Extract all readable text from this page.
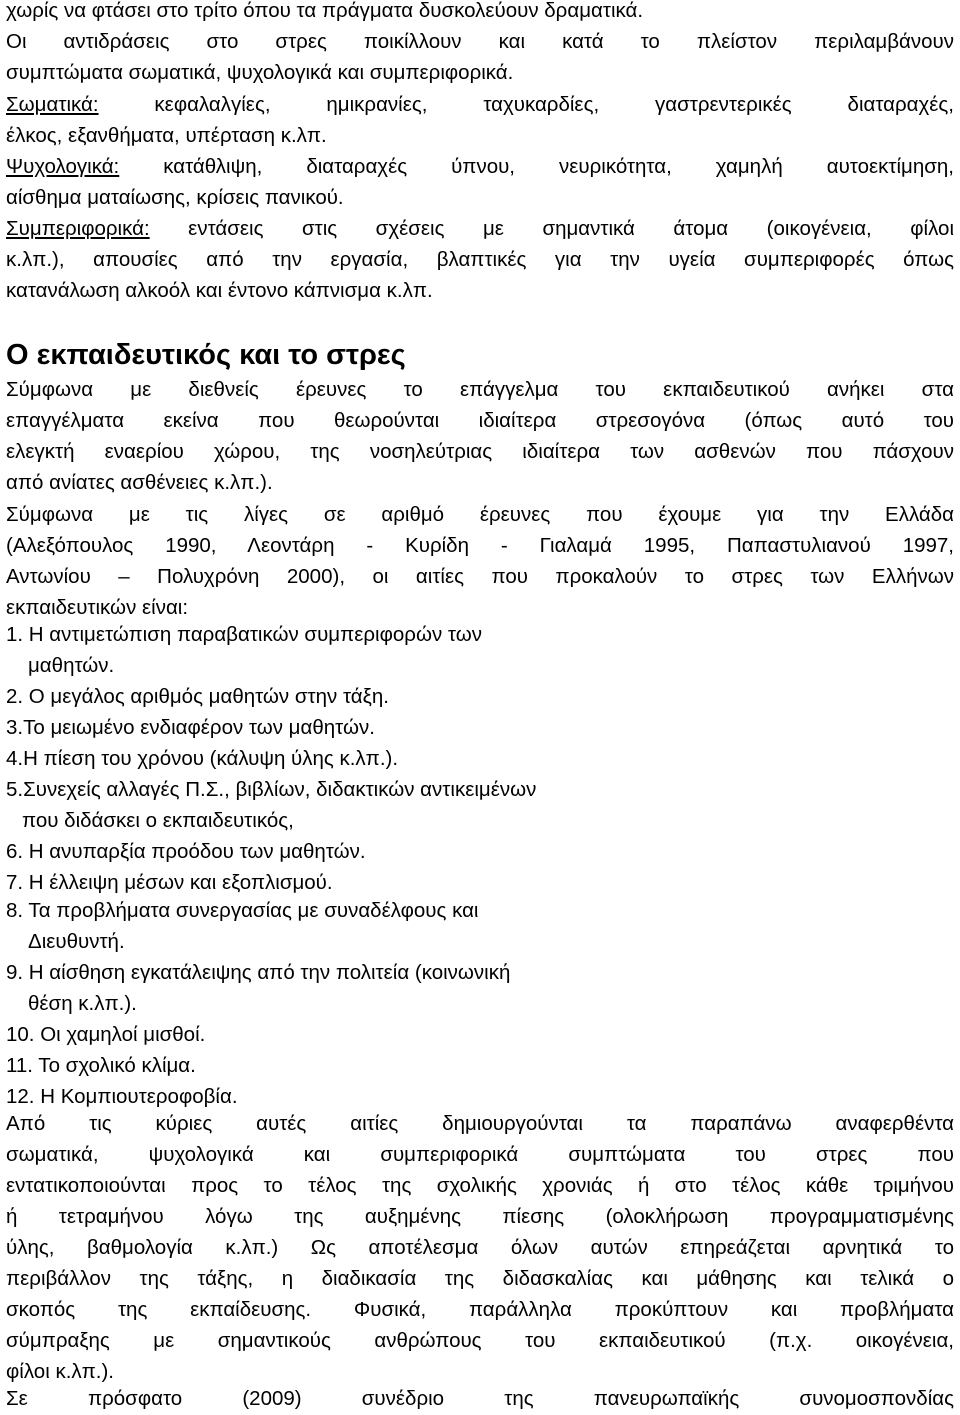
χωρίς να φτάσει στο τρίτο όπου τα πράγματα δυσκολεύουν δραματικά.
Οι αντιδράσεις στο στρες ποικίλλουν και κατά το πλείστον περιλαμβάνουν
συμπτώματα σωματικά, ψυχολογικά και συμπεριφορικά.
Σωματικά: κεφαλαλγίες, ημικρανίες, ταχυκαρδίες, γαστρεντερικές διαταραχές,
έλκος, εξανθήματα, υπέρταση κ.λπ.
Ψυχολογικά: κατάθλιψη, διαταραχές ύπνου, νευρικότητα, χαμηλή αυτοεκτίμηση,
αίσθημα ματαίωσης, κρίσεις πανικού.
Συμπεριφορικά: εντάσεις στις σχέσεις με σημαντικά άτομα (οικογένεια, φίλοι
κ.λπ.), απουσίες από την εργασία, βλαπτικές για την υγεία συμπεριφορές όπως
κατανάλωση αλκοόλ και έντονο κάπνισμα κ.λπ.
Ο εκπαιδευτικός και το στρες
Σύμφωνα με διεθνείς έρευνες το επάγγελμα του εκπαιδευτικού ανήκει στα
επαγγέλματα εκείνα που θεωρούνται ιδιαίτερα στρεσογόνα (όπως αυτό του
ελεγκτή εναερίου χώρου, της νοσηλεύτριας ιδιαίτερα των ασθενών που πάσχουν
από ανίατες ασθένειες κ.λπ.).
Σύμφωνα με τις λίγες σε αριθμό έρευνες που έχουμε για την Ελλάδα
(Αλεξόπουλος 1990, Λεοντάρη - Κυρίδη - Γιαλαμά 1995, Παπαστυλιανού 1997,
Αντωνίου – Πολυχρόνη 2000), οι αιτίες που προκαλούν το στρες των Ελλήνων
εκπαιδευτικών είναι:
1. Η αντιμετώπιση παραβατικών συμπεριφορών των
μαθητών.
2. Ο μεγάλος αριθμός μαθητών στην τάξη.
3.Το μειωμένο ενδιαφέρον των μαθητών.
4.Η πίεση του χρόνου (κάλυψη ύλης κ.λπ.).
5.Συνεχείς αλλαγές Π.Σ., βιβλίων, διδακτικών αντικειμένων
που διδάσκει ο εκπαιδευτικός,
6. Η ανυπαρξία προόδου των μαθητών.
7. Η έλλειψη μέσων και εξοπλισμού.
8. Τα προβλήματα συνεργασίας με συναδέλφους και
Διευθυντή.
9. Η αίσθηση εγκατάλειψης από την πολιτεία (κοινωνική
θέση κ.λπ.).
10. Οι χαμηλοί μισθοί.
11. Το σχολικό κλίμα.
12. Η Κομπιουτεροφοβία.
Από τις κύριες αυτές αιτίες δημιουργούνται τα παραπάνω αναφερθέντα
σωματικά, ψυχολογικά και συμπεριφορικά συμπτώματα του στρες που
εντατικοποιούνται προς το τέλος της σχολικής χρονιάς ή στο τέλος κάθε τριμήνου
ή τετραμήνου λόγω της αυξημένης πίεσης (ολοκλήρωση προγραμματισμένης
ύλης, βαθμολογία κ.λπ.) Ως αποτέλεσμα όλων αυτών επηρεάζεται αρνητικά το
περιβάλλον της τάξης, η διαδικασία της διδασκαλίας και μάθησης και τελικά ο
σκοπός της εκπαίδευσης. Φυσικά, παράλληλα προκύπτουν και προβλήματα
σύμπραξης με σημαντικούς ανθρώπους του εκπαιδευτικού (π.χ. οικογένεια,
φίλοι κ.λπ.).
Σε πρόσφατο (2009) συνέδριο της πανευρωπαϊκής συνομοσπονδίας
